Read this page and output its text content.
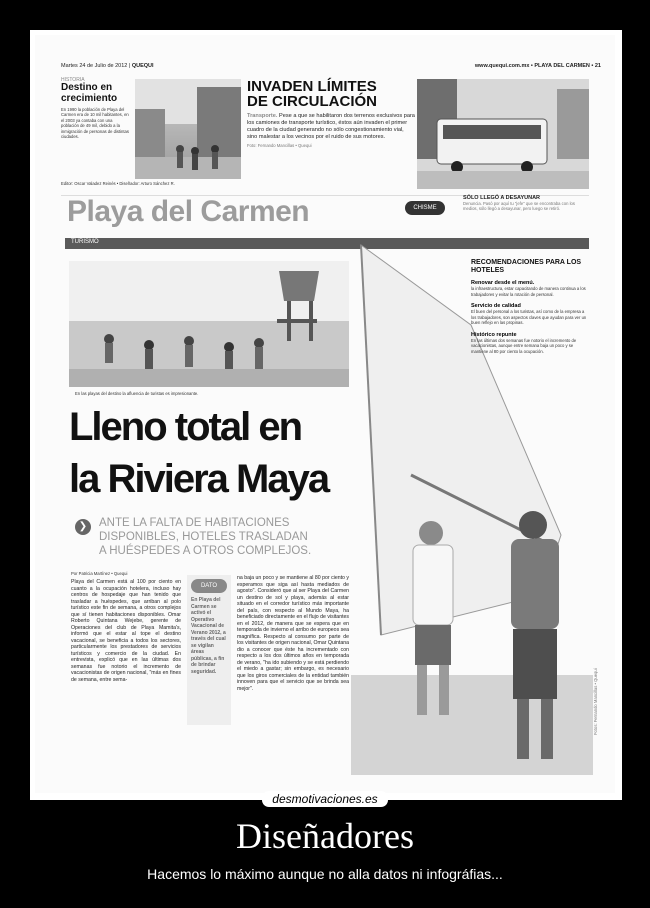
Martes 24 de Julio de 2012 | QUEQUI	www.quequi.com.mx • PLAYA DEL CARMEN • 21
HISTORIA
Destino en crecimiento
En 1990 la población de Playa del Carmen era de 10 mil habitantes, en el 2003 ya contaba con una población de 49 mil, debido a la inmigración de personas de distintas ciudades.
Editor: Oscar Valadez Reinés • Diseñador: Arturo Sánchez R.
INVADEN LÍMITES
DE CIRCULACIÓN
Transporte. Pese a que se habilitaron dos terrenos exclusivos para los camiones de transporte turístico, éstos aún invaden el primer cuadro de la ciudad generando no sólo congestionamiento vial, sino malestar a los vecinos por el ruido de sus motores.
Foto: Fernando Mancillas • Quequi
Playa del Carmen
TURISMO
CHISME
SÓLO LLEGÓ A DESAYUNAR
Denuncia. Pasó por aquí tu "jefe" que se encontraba con los medios, sólo llegó a desayunar, pero luego se retiró.
En las playas del destino la afluencia de turistas es impresionante.
RECOMENDACIONES PARA LOS HOTELES
Renovar desde el menú.
la infraestructura, estar capacitando de manera continua a los trabajadores y evitar la rotación de personal.
Servicio de calidad
El buen del personal a los turistas, así como de la empresa a los trabajadores, son aspectos claves que ayudan para ver un buen reflejo en las propinas.
Histórico repunte
En las últimas dos semanas fue notorio el incremento de vacacionistas, aunque entre semana baja un poco y se mantiene al 80 por ciento la ocupación.
Lleno total en
la Riviera Maya
❯	ANTE LA FALTA DE HABITACIONES
DISPONIBLES, HOTELES TRASLADAN
A HUÉSPEDES A OTROS COMPLEJOS.
Por Patricia Martínez • Quequi
Playa del Carmen está al 100 por ciento en cuanto a la ocupación hotelera, incluso hay centros de hospedaje que han tenido que trasladar a huéspedes, que arriban al polo turístico este fin de semana, a otros complejos que sí tienen habitaciones disponibles. Omar Roberto Quintana Wejebe, gerente de Operaciones del club de Playa Mamita's, informó que el estar al tope el destino vacacional, se beneficia a todos los sectores, particularmente los prestadores de servicios turísticos y comercio de la ciudad. En entrevista, explicó que en las últimas dos semanas fue notorio el incremento de vacacionistas de origen nacional, "más en fines de semana, entre sema-
DATO
En Playa del Carmen se activó el Operativo Vacacional de Verano 2012, a través del cual se vigilan áreas públicas, a fin de brindar seguridad.
na baja un poco y se mantiene al 80 por ciento y esperamos que siga así hasta mediados de agosto". Consideró que al ser Playa del Carmen un destino de sol y playa, además al estar situado en el corredor turístico más importante del país, con respecto al Mundo Maya, ha beneficiado directamente en el flujo de visitantes en el 2012, de manera que se espera que en temporada de invierno el arribo de europeos sea magnífica. Respecto al consumo por parte de los visitantes de origen nacional, Omar Quintana dio a conocer que éste ha incrementado con respecto a los dos últimos años en temporada de verano, "ha ido subiendo y se está perdiendo el miedo a gastar; sin embargo, es necesario que los giros comerciales de la entidad también innoven para que el servicio que se brinda sea mejor".	Fotos: Fernando Mancillas • Quequi
desmotivaciones.es
Diseñadores
Hacemos lo máximo aunque no alla datos ni infográfias...
